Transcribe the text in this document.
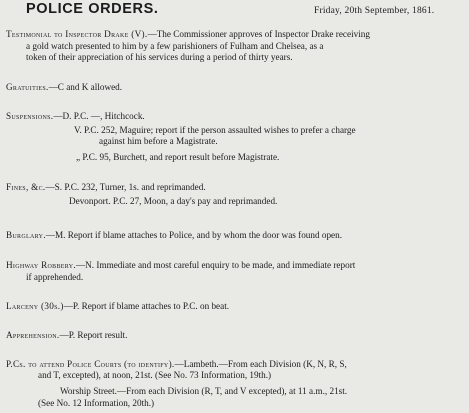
POLICE ORDERS.	Friday, 20th September, 1861.
Testimonial to Inspector Drake (V).—The Commissioner approves of Inspector Drake receiving
a gold watch presented to him by a few parishioners of Fulham and Chelsea, as a
token of their appreciation of his services during a period of thirty years.
Gratuities.—C and K allowed.
Suspensions.—D. P.C. —, Hitchcock.
V. P.C. 252, Maguire; report if the person assaulted wishes to prefer a charge
against him before a Magistrate.
„ P.C. 95, Burchett, and report result before Magistrate.
Fines, &c.—S. P.C. 232, Turner, 1s. and reprimanded.
Devonport. P.C. 27, Moon, a day's pay and reprimanded.
Burglary.—M. Report if blame attaches to Police, and by whom the door was found open.
Highway Robbery.—N. Immediate and most careful enquiry to be made, and immediate report
if apprehended.
Larceny (30s.)—P. Report if blame attaches to P.C. on beat.
Apprehension.—P. Report result.
P.Cs. to attend Police Courts (to identify).—Lambeth.—From each Division (K, N, R, S,
and T, excepted), at noon, 21st. (See No. 73 Information, 19th.)
Worship Street.—From each Division (R, T, and V excepted), at 11 a.m., 21st.
(See No. 12 Information, 20th.)
